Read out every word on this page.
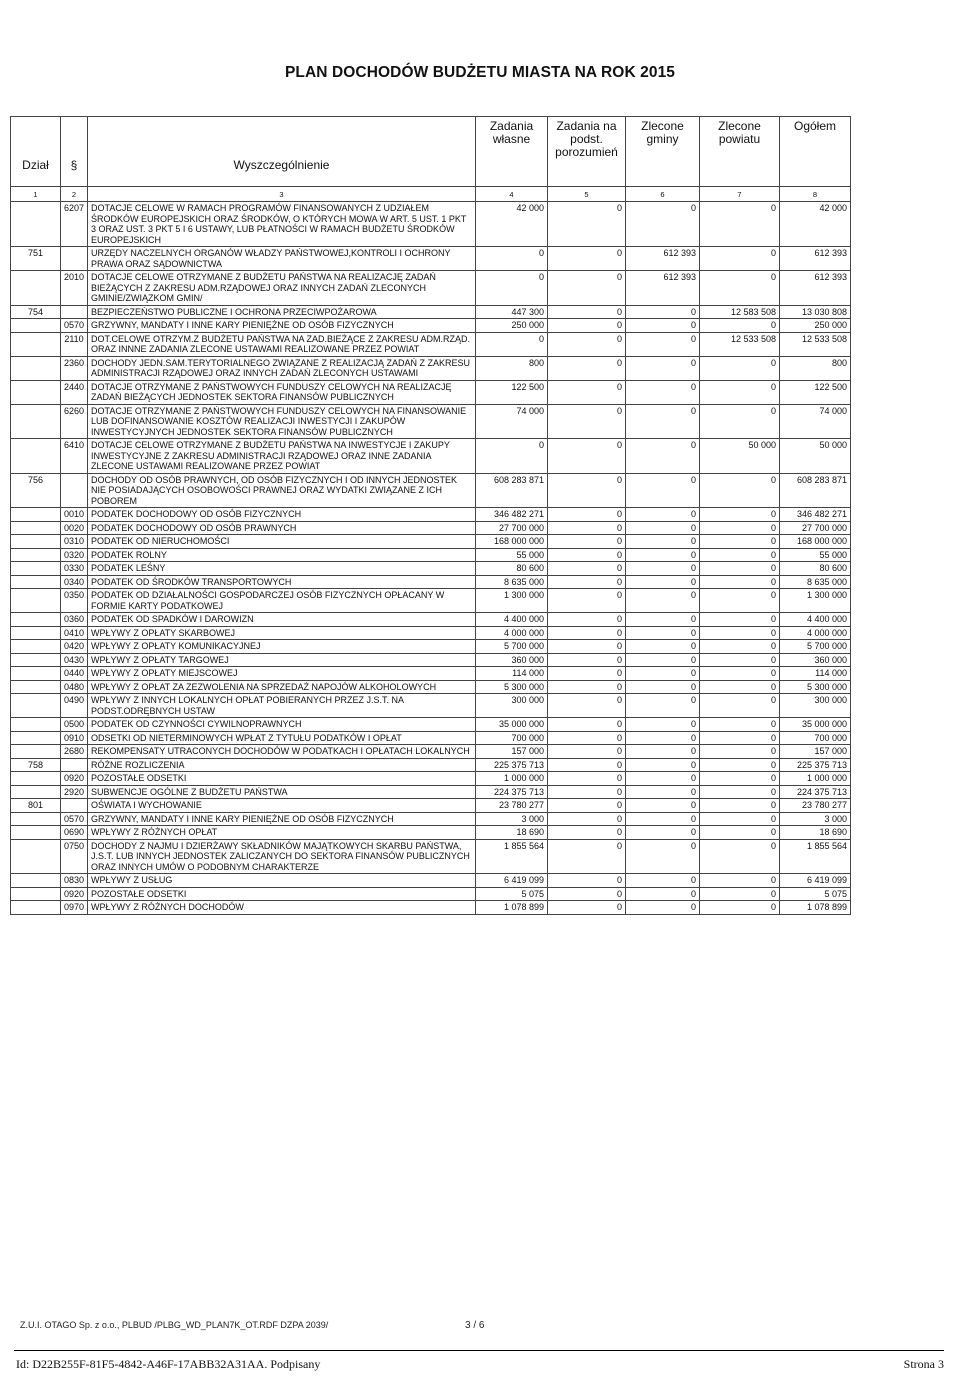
PLAN DOCHODÓW BUDŻETU MIASTA NA ROK 2015
Dział	§	Wyszczególnienie	Zadania własne	Zadania na podst. porozumień	Zlecone gminy	Zlecone powiatu	Ogółem
1	2	3	4	5	6	7	8
	6207	DOTACJE CELOWE W RAMACH PROGRAMÓW FINANSOWANYCH Z UDZIAŁEM ŚRODKÓW EUROPEJSKICH ORAZ ŚRODKÓW, O KTÓRYCH MOWA W ART. 5 UST. 1 PKT 3 ORAZ UST. 3 PKT 5 I 6 USTAWY, LUB PŁATNOŚCI W RAMACH BUDŻETU ŚRODKÓW EUROPEJSKICH	42 000	0	0	0	42 000
751		URZĘDY NACZELNYCH ORGANÓW WŁADZY PAŃSTWOWEJ,KONTROLI I OCHRONY PRAWA ORAZ SĄDOWNICTWA	0	0	612 393	0	612 393
	2010	DOTACJE CELOWE OTRZYMANE Z BUDŻETU PAŃSTWA NA REALIZACJĘ ZADAŃ BIEŻĄCYCH Z ZAKRESU ADM.RZĄDOWEJ ORAZ INNYCH ZADAŃ ZLECONYCH GMINIE/ZWIĄZKOM GMIN/	0	0	612 393	0	612 393
754		BEZPIECZEŃSTWO PUBLICZNE I OCHRONA PRZECIWPOŻAROWA	447 300	0	0	12 583 508	13 030 808
	0570	GRZYWNY, MANDATY I INNE KARY PIENIĘŻNE OD OSÓB FIZYCZNYCH	250 000	0	0	0	250 000
	2110	DOT.CELOWE OTRZYM.Z BUDŻETU PAŃSTWA NA ZAD.BIEŻĄCE Z ZAKRESU ADM.RZĄD. ORAZ INNNE ZADANIA ZLECONE USTAWAMI REALIZOWANE PRZEZ POWIAT	0	0	0	12 533 508	12 533 508
	2360	DOCHODY JEDN.SAM.TERYTORIALNEGO ZWIĄZANE Z REALIZACJĄ ZADAŃ Z ZAKRESU ADMINISTRACJI RZĄDOWEJ ORAZ INNYCH ZADAŃ ZLECONYCH USTAWAMI	800	0	0	0	800
	2440	DOTACJE OTRZYMANE Z PAŃSTWOWYCH FUNDUSZY CELOWYCH NA REALIZACJĘ ZADAŃ BIEŻĄCYCH JEDNOSTEK SEKTORA FINANSÓW PUBLICZNYCH	122 500	0	0	0	122 500
	6260	DOTACJE OTRZYMANE Z PAŃSTWOWYCH FUNDUSZY CELOWYCH NA FINANSOWANIE LUB DOFINANSOWANIE KOSZTÓW REALIZACJI INWESTYCJI I ZAKUPÓW INWESTYCYJNYCH JEDNOSTEK SEKTORA FINANSÓW PUBLICZNYCH	74 000	0	0	0	74 000
	6410	DOTACJE CELOWE OTRZYMANE Z BUDŻETU PAŃSTWA NA INWESTYCJE I ZAKUPY INWESTYCYJNE Z ZAKRESU ADMINISTRACJI RZĄDOWEJ ORAZ INNE ZADANIA ZLECONE USTAWAMI REALIZOWANE PRZEZ POWIAT	0	0	0	50 000	50 000
756		DOCHODY OD OSÓB PRAWNYCH, OD OSÓB FIZYCZNYCH I OD INNYCH JEDNOSTEK NIE POSIADAJĄCYCH OSOBOWOŚCI PRAWNEJ ORAZ WYDATKI ZWIĄZANE Z ICH POBOREM	608 283 871	0	0	0	608 283 871
	0010	PODATEK DOCHODOWY OD OSÓB FIZYCZNYCH	346 482 271	0	0	0	346 482 271
	0020	PODATEK DOCHODOWY OD OSÓB PRAWNYCH	27 700 000	0	0	0	27 700 000
	0310	PODATEK OD NIERUCHOMOŚCI	168 000 000	0	0	0	168 000 000
	0320	PODATEK ROLNY	55 000	0	0	0	55 000
	0330	PODATEK LEŚNY	80 600	0	0	0	80 600
	0340	PODATEK OD ŚRODKÓW TRANSPORTOWYCH	8 635 000	0	0	0	8 635 000
	0350	PODATEK OD DZIAŁALNOŚCI GOSPODARCZEJ OSÓB FIZYCZNYCH OPŁACANY W FORMIE KARTY PODATKOWEJ	1 300 000	0	0	0	1 300 000
	0360	PODATEK OD SPADKÓW I DAROWIZN	4 400 000	0	0	0	4 400 000
	0410	WPŁYWY Z OPŁATY SKARBOWEJ	4 000 000	0	0	0	4 000 000
	0420	WPŁYWY Z OPŁATY KOMUNIKACYJNEJ	5 700 000	0	0	0	5 700 000
	0430	WPŁYWY Z OPŁATY TARGOWEJ	360 000	0	0	0	360 000
	0440	WPŁYWY Z OPŁATY MIEJSCOWEJ	114 000	0	0	0	114 000
	0480	WPŁYWY Z OPŁAT ZA ZEZWOLENIA NA SPRZEDAŻ NAPOJÓW ALKOHOLOWYCH	5 300 000	0	0	0	5 300 000
	0490	WPŁYWY Z INNYCH LOKALNYCH OPŁAT POBIERANYCH PRZEZ J.S.T. NA PODST.ODRĘBNYCH USTAW	300 000	0	0	0	300 000
	0500	PODATEK OD CZYNNOŚCI CYWILNOPRAWNYCH	35 000 000	0	0	0	35 000 000
	0910	ODSETKI OD NIETERMINOWYCH WPŁAT Z TYTUŁU PODATKÓW I OPŁAT	700 000	0	0	0	700 000
	2680	REKOMPENSATY UTRACONYCH DOCHODÓW W PODATKACH I OPŁATACH LOKALNYCH	157 000	0	0	0	157 000
758		RÓŻNE ROZLICZENIA	225 375 713	0	0	0	225 375 713
	0920	POZOSTAŁE ODSETKI	1 000 000	0	0	0	1 000 000
	2920	SUBWENCJE OGÓLNE Z BUDŻETU PAŃSTWA	224 375 713	0	0	0	224 375 713
801		OŚWIATA I WYCHOWANIE	23 780 277	0	0	0	23 780 277
	0570	GRZYWNY, MANDATY I INNE KARY PIENIĘŻNE OD OSÓB FIZYCZNYCH	3 000	0	0	0	3 000
	0690	WPŁYWY Z RÓŻNYCH OPŁAT	18 690	0	0	0	18 690
	0750	DOCHODY Z NAJMU I DZIERŻAWY SKŁADNIKÓW MAJĄTKOWYCH SKARBU PAŃSTWA, J.S.T. LUB INNYCH JEDNOSTEK ZALICZANYCH DO SEKTORA FINANSÓW PUBLICZNYCH ORAZ INNYCH UMÓW O PODOBNYM CHARAKTERZE	1 855 564	0	0	0	1 855 564
	0830	WPŁYWY Z USŁUG	6 419 099	0	0	0	6 419 099
	0920	POZOSTAŁE ODSETKI	5 075	0	0	0	5 075
	0970	WPŁYWY Z RÓŻNYCH DOCHODÓW	1 078 899	0	0	0	1 078 899
Z.U.I. OTAGO Sp. z o.o., PLBUD /PLBG_WD_PLAN7K_OT.RDF DZPA 2039/	3 / 6
Id: D22B255F-81F5-4842-A46F-17ABB32A31AA. Podpisany	Strona 3
